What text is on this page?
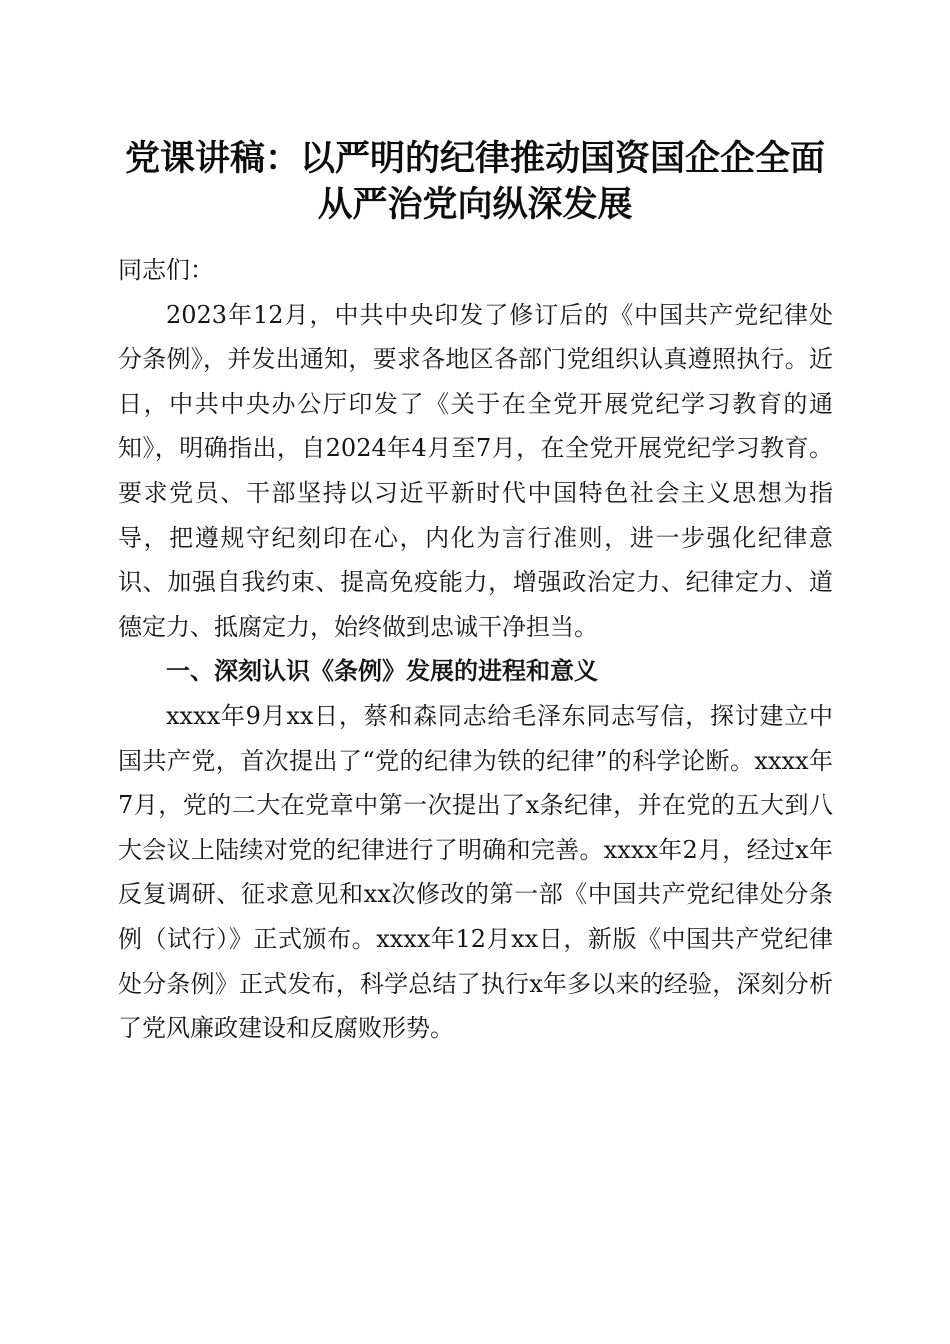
党课讲稿：以严明的纪律推动国资国企企全面
从严治党向纵深发展

同志们：

2023年12月，中共中央印发了修订后的《中国共产党纪律处分条例》，并发出通知，要求各地区各部门党组织认真遵照执行。近日，中共中央办公厅印发了《关于在全党开展党纪学习教育的通知》，明确指出，自2024年4月至7月，在全党开展党纪学习教育。要求党员、干部坚持以习近平新时代中国特色社会主义思想为指导，把遵规守纪刻印在心，内化为言行准则，进一步强化纪律意识、加强自我约束、提高免疫能力，增强政治定力、纪律定力、道德定力、抵腐定力，始终做到忠诚干净担当。

一、深刻认识《条例》发展的进程和意义

xxxx年9月xx日，蔡和森同志给毛泽东同志写信，探讨建立中国共产党，首次提出了“党的纪律为铁的纪律”的科学论断。xxxx年7月，党的二大在党章中第一次提出了x条纪律，并在党的五大到八大会议上陆续对党的纪律进行了明确和完善。xxxx年2月，经过x年反复调研、征求意见和xx次修改的第一部《中国共产党纪律处分条例（试行）》正式颁布。xxxx年12月xx日，新版《中国共产党纪律处分条例》正式发布，科学总结了执行x年多以来的经验，深刻分析了党风廉政建设和反腐败形势。
